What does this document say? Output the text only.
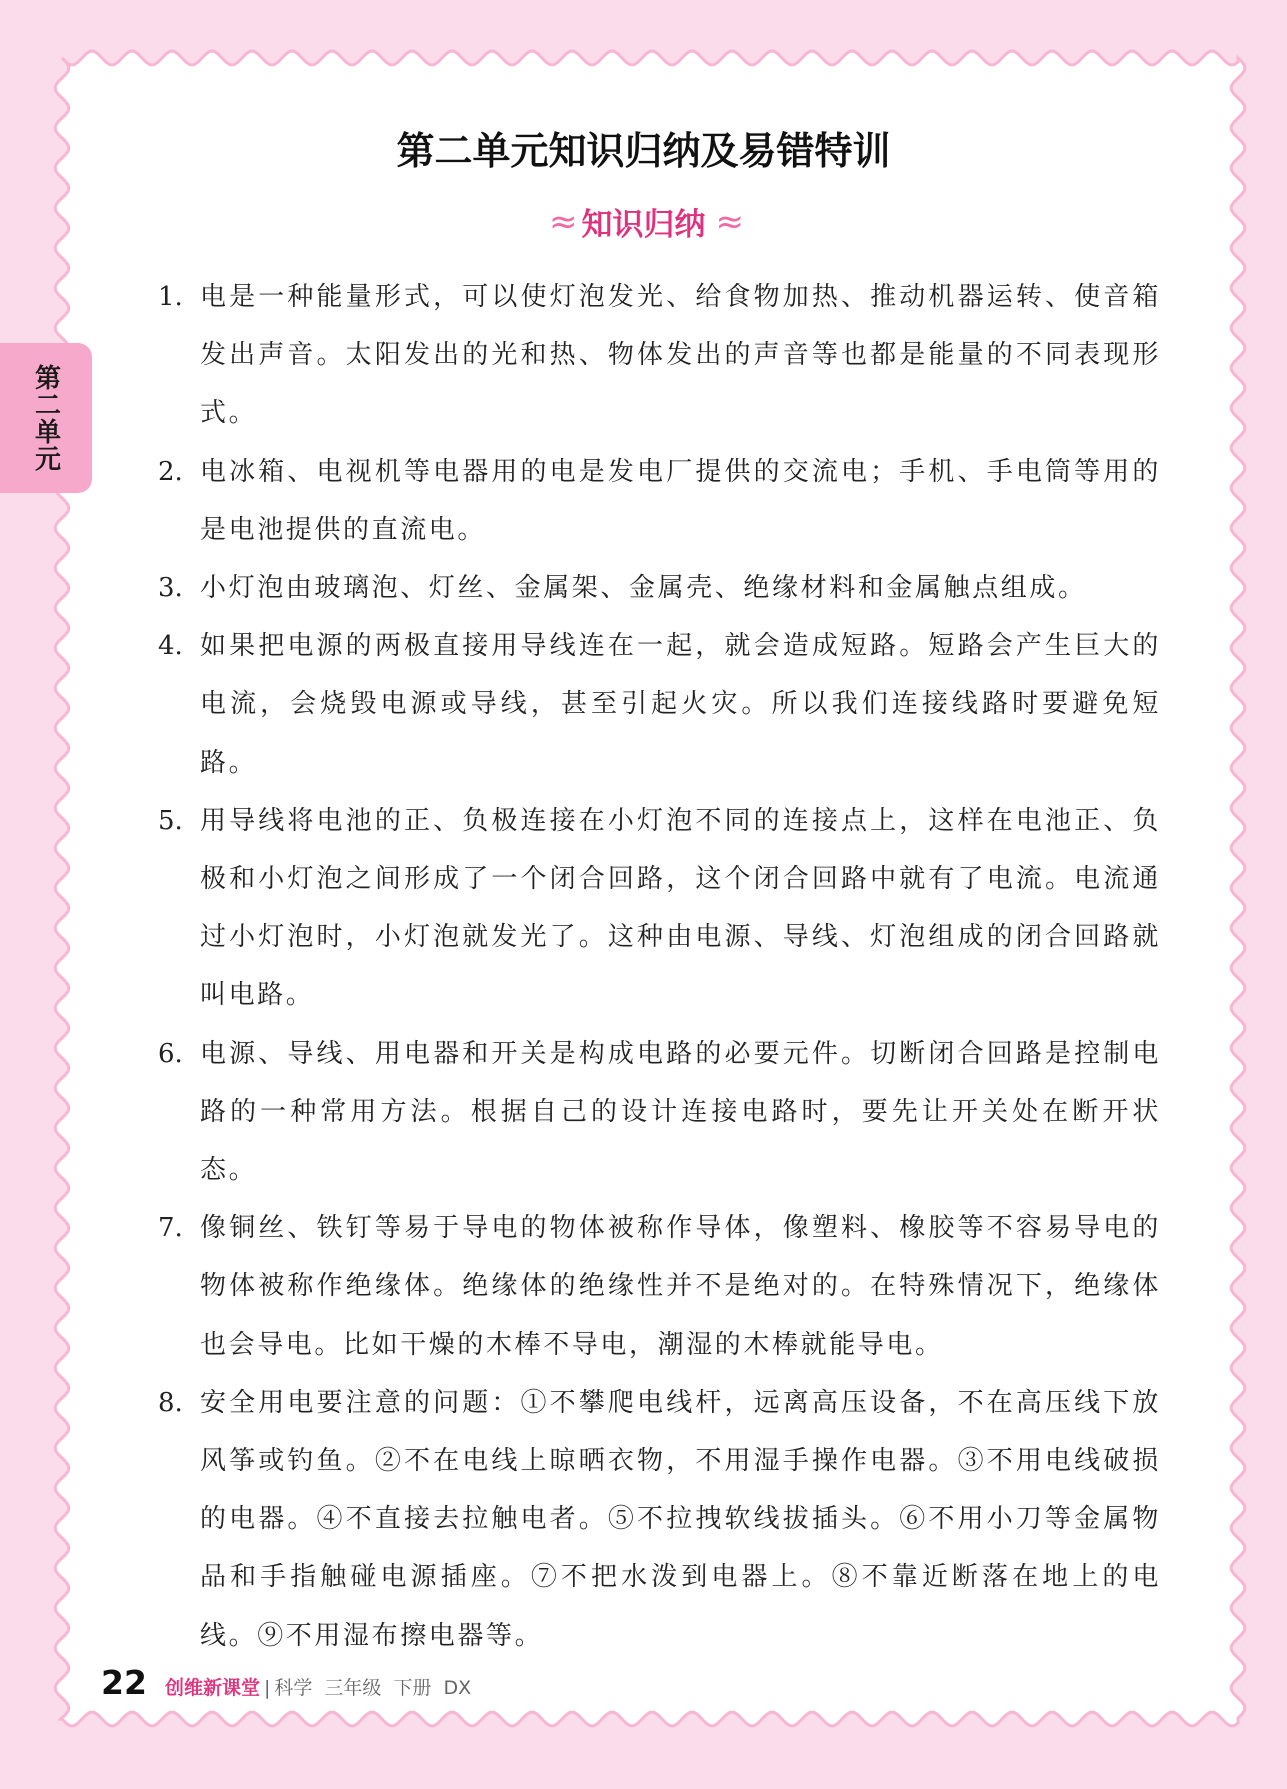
第二单元
第二单元知识归纳及易错特训
≈ 知识归纳 ≈
1. 电是一种能量形式，可以使灯泡发光、给食物加热、推动机器运转、使音箱发出声音。太阳发出的光和热、物体发出的声音等也都是能量的不同表现形式。
2. 电冰箱、电视机等电器用的电是发电厂提供的交流电；手机、手电筒等用的是电池提供的直流电。
3. 小灯泡由玻璃泡、灯丝、金属架、金属壳、绝缘材料和金属触点组成。
4. 如果把电源的两极直接用导线连在一起，就会造成短路。短路会产生巨大的电流，会烧毁电源或导线，甚至引起火灾。所以我们连接线路时要避免短路。
5. 用导线将电池的正、负极连接在小灯泡不同的连接点上，这样在电池正、负极和小灯泡之间形成了一个闭合回路，这个闭合回路中就有了电流。电流通过小灯泡时，小灯泡就发光了。这种由电源、导线、灯泡组成的闭合回路就叫电路。
6. 电源、导线、用电器和开关是构成电路的必要元件。切断闭合回路是控制电路的一种常用方法。根据自己的设计连接电路时，要先让开关处在断开状态。
7. 像铜丝、铁钉等易于导电的物体被称作导体，像塑料、橡胶等不容易导电的物体被称作绝缘体。绝缘体的绝缘性并不是绝对的。在特殊情况下，绝缘体也会导电。比如干燥的木棒不导电，潮湿的木棒就能导电。
8. 安全用电要注意的问题：①不攀爬电线杆，远离高压设备，不在高压线下放风筝或钓鱼。②不在电线上晾晒衣物，不用湿手操作电器。③不用电线破损的电器。④不直接去拉触电者。⑤不拉拽软线拔插头。⑥不用小刀等金属物品和手指触碰电源插座。⑦不把水泼到电器上。⑧不靠近断落在地上的电线。⑨不用湿布擦电器等。
22 创维新课堂 | 科学 三年级 下册 DX
